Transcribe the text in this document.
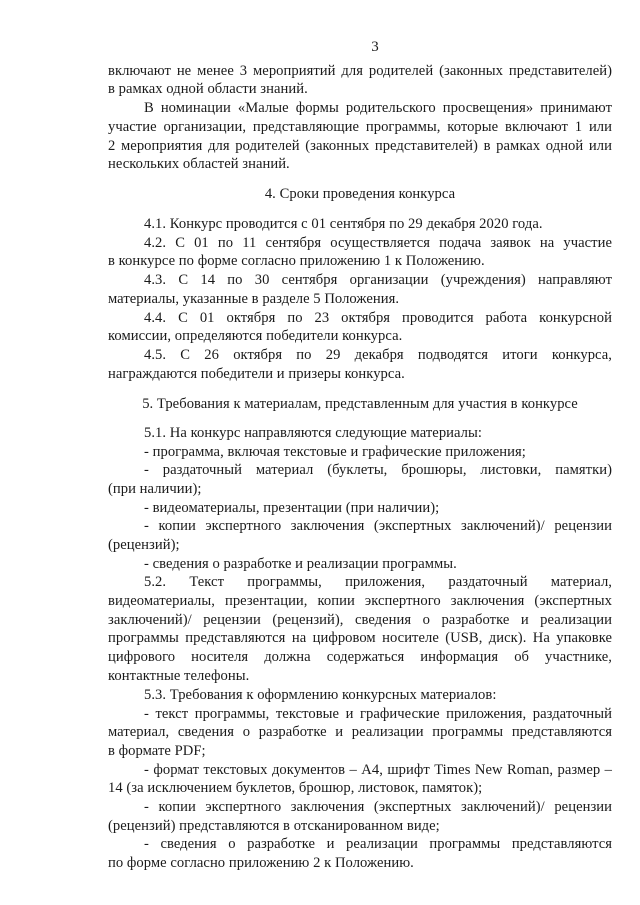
3
включают не менее 3 мероприятий для родителей (законных представителей)
в рамках одной области знаний.
В номинации «Малые формы родительского просвещения» принимают
участие организации, представляющие программы, которые включают 1 или
2 мероприятия для родителей (законных представителей) в рамках одной или
нескольких областей знаний.
4. Сроки проведения конкурса
4.1. Конкурс проводится с 01 сентября по 29 декабря 2020 года.
4.2. С 01 по 11 сентября осуществляется подача заявок на участие
в конкурсе по форме согласно приложению 1 к Положению.
4.3. С 14 по 30 сентября организации (учреждения) направляют
материалы, указанные в разделе 5 Положения.
4.4. С 01 октября по 23 октября проводится работа конкурсной
комиссии, определяются победители конкурса.
4.5. С 26 октября по 29 декабря подводятся итоги конкурса,
награждаются победители и призеры конкурса.
5. Требования к материалам, представленным для участия в конкурсе
5.1. На конкурс направляются следующие материалы:
- программа, включая текстовые и графические приложения;
- раздаточный материал (буклеты, брошюры, листовки, памятки)
(при наличии);
- видеоматериалы, презентации (при наличии);
- копии экспертного заключения (экспертных заключений)/ рецензии
(рецензий);
- сведения о разработке и реализации программы.
5.2. Текст программы, приложения, раздаточный материал,
видеоматериалы, презентации, копии экспертного заключения (экспертных
заключений)/ рецензии (рецензий), сведения о разработке и реализации
программы представляются на цифровом носителе (USB, диск). На упаковке
цифрового носителя должна содержаться информация об участнике,
контактные телефоны.
5.3. Требования к оформлению конкурсных материалов:
- текст программы, текстовые и графические приложения, раздаточный
материал, сведения о разработке и реализации программы представляются
в формате PDF;
- формат текстовых документов – А4, шрифт Times New Roman, размер –
14 (за исключением буклетов, брошюр, листовок, памяток);
- копии экспертного заключения (экспертных заключений)/ рецензии
(рецензий) представляются в отсканированном виде;
- сведения о разработке и реализации программы представляются
по форме согласно приложению 2 к Положению.
